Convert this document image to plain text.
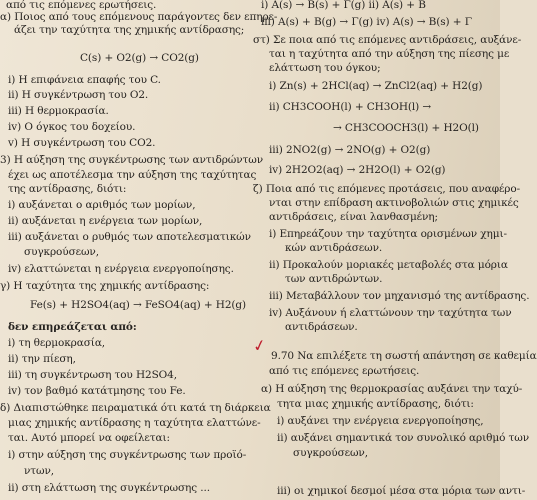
από τις επόμενες ερωτήσεις.
α) Ποιος από τους επόμενους παράγοντες δεν επηρε-
άζει την ταχύτητα της χημικής αντίδρασης;
C(s) + O2(g) → CO2(g)
i) Η επιφάνεια επαφής του C.
ii) Η συγκέντρωση του O2.
iii) Η θερμοκρασία.
iv) Ο όγκος του δοχείου.
v) Η συγκέντρωση του CO2.
3) Η αύξηση της συγκέντρωσης των αντιδρώντων
έχει ως αποτέλεσμα την αύξηση της ταχύτητας
της αντίδρασης, διότι:
i) αυξάνεται ο αριθμός των μορίων,
ii) αυξάνεται η ενέργεια των μορίων,
iii) αυξάνεται ο ρυθμός των αποτελεσματικών
συγκρούσεων,
iv) ελαττώνεται η ενέργεια ενεργοποίησης.
γ) Η ταχύτητα της χημικής αντίδρασης:
Fe(s) + H2SO4(aq) → FeSO4(aq) + H2(g)
δεν επηρεάζεται από:
i) τη θερμοκρασία,
ii) την πίεση,
iii) τη συγκέντρωση του H2SO4,
iv) τον βαθμό κατάτμησης του Fe.
δ) Διαπιστώθηκε πειραματικά ότι κατά τη διάρκεια
μιας χημικής αντίδρασης η ταχύτητα ελαττώνε-
ται. Αυτό μπορεί να οφείλεται:
i) στην αύξηση της συγκέντρωσης των προϊό-
ντων,
ii) στη ελάττωση της συγκέντρωσης ...
i) A(s) → B(s) + Γ(g) ii) A(s) + B
iii) A(s) + B(g) → Γ(g) iv) A(s) → B(s) + Γ
στ) Σε ποια από τις επόμενες αντιδράσεις, αυξάνε-
ται η ταχύτητα από την αύξηση της πίεσης με
ελάττωση του όγκου;
i) Zn(s) + 2HCl(aq) → ZnCl2(aq) + H2(g)
ii) CH3COOH(l) + CH3OH(l) →
→ CH3COOCH3(l) + H2O(l)
iii) 2NO2(g) → 2NO(g) + O2(g)
iv) 2H2O2(aq) → 2H2O(l) + O2(g)
ζ) Ποια από τις επόμενες προτάσεις, που αναφέρο-
νται στην επίδραση ακτινοβολιών στις χημικές
αντιδράσεις, είναι λανθασμένη;
i) Επηρεάζουν την ταχύτητα ορισμένων χημι-
κών αντιδράσεων.
ii) Προκαλούν μοριακές μεταβολές στα μόρια
των αντιδρώντων.
iii) Μεταβάλλουν τον μηχανισμό της αντίδρασης.
iv) Αυξάνουν ή ελαττώνουν την ταχύτητα των
αντιδράσεων.
✓ 9.70 Να επιλέξετε τη σωστή απάντηση σε καθεμία
από τις επόμενες ερωτήσεις.
α) Η αύξηση της θερμοκρασίας αυξάνει την ταχύ-
τητα μιας χημικής αντίδρασης, διότι:
i) αυξάνει την ενέργεια ενεργοποίησης,
ii) αυξάνει σημαντικά τον συνολικό αριθμό των
συγκρούσεων,
iii) οι χημικοί δεσμοί μέσα στα μόρια των αντι-
